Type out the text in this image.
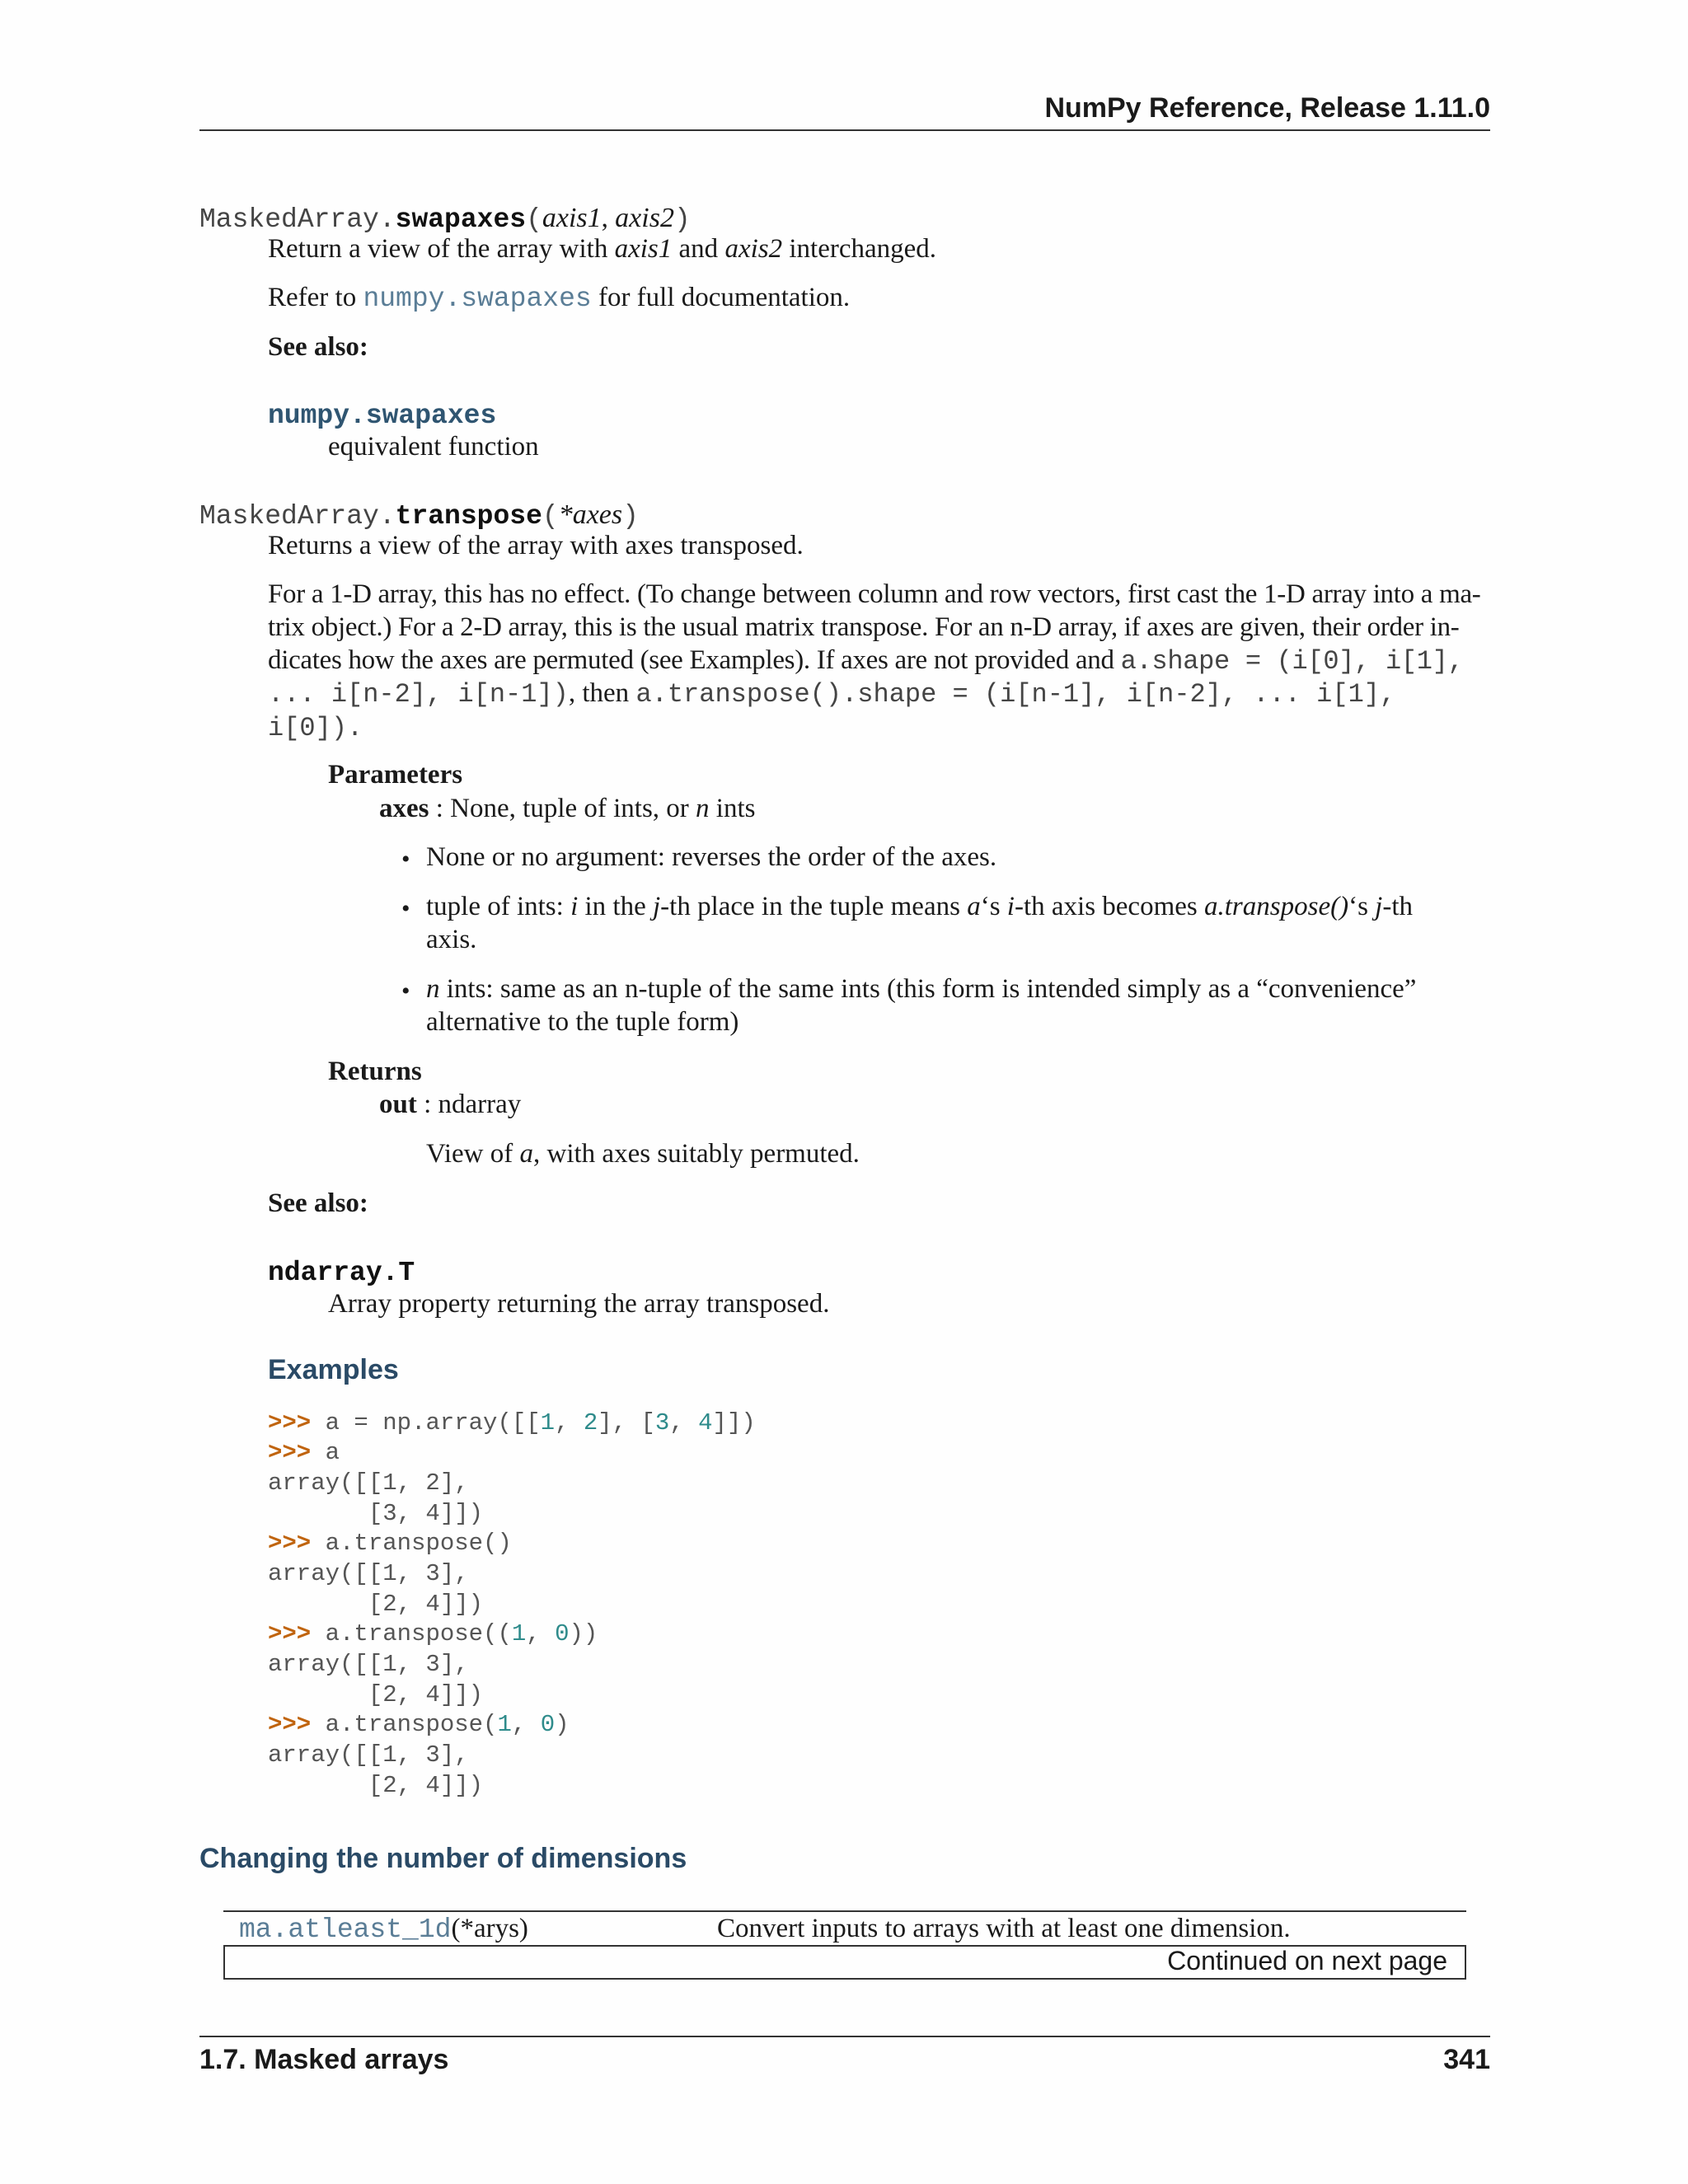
NumPy Reference, Release 1.11.0
MaskedArray.swapaxes(axis1, axis2)
Return a view of the array with axis1 and axis2 interchanged.
Refer to numpy.swapaxes for full documentation.
See also:
numpy.swapaxes
equivalent function
MaskedArray.transpose(*axes)
Returns a view of the array with axes transposed.
For a 1-D array, this has no effect. (To change between column and row vectors, first cast the 1-D array into a ma-
trix object.) For a 2-D array, this is the usual matrix transpose. For an n-D array, if axes are given, their order in-
dicates how the axes are permuted (see Examples). If axes are not provided and a.shape = (i[0], i[1],
... i[n-2], i[n-1]), then a.transpose().shape = (i[n-1], i[n-2], ... i[1],
i[0]).
Parameters
axes : None, tuple of ints, or n ints
• None or no argument: reverses the order of the axes.
• tuple of ints: i in the j-th place in the tuple means a‘s i-th axis becomes a.transpose()‘s j-th
axis.
• n ints: same as an n-tuple of the same ints (this form is intended simply as a “convenience”
alternative to the tuple form)
Returns
out : ndarray
View of a, with axes suitably permuted.
See also:
ndarray.T
Array property returning the array transposed.
Examples
>>> a = np.array([[1, 2], [3, 4]])
>>> a
array([[1, 2],
[3, 4]])
>>> a.transpose()
array([[1, 3],
[2, 4]])
>>> a.transpose((1, 0))
array([[1, 3],
[2, 4]])
>>> a.transpose(1, 0)
array([[1, 3],
[2, 4]])
Changing the number of dimensions
ma.atleast_1d(*arys)	Convert inputs to arrays with at least one dimension.
Continued on next page
1.7. Masked arrays	341
